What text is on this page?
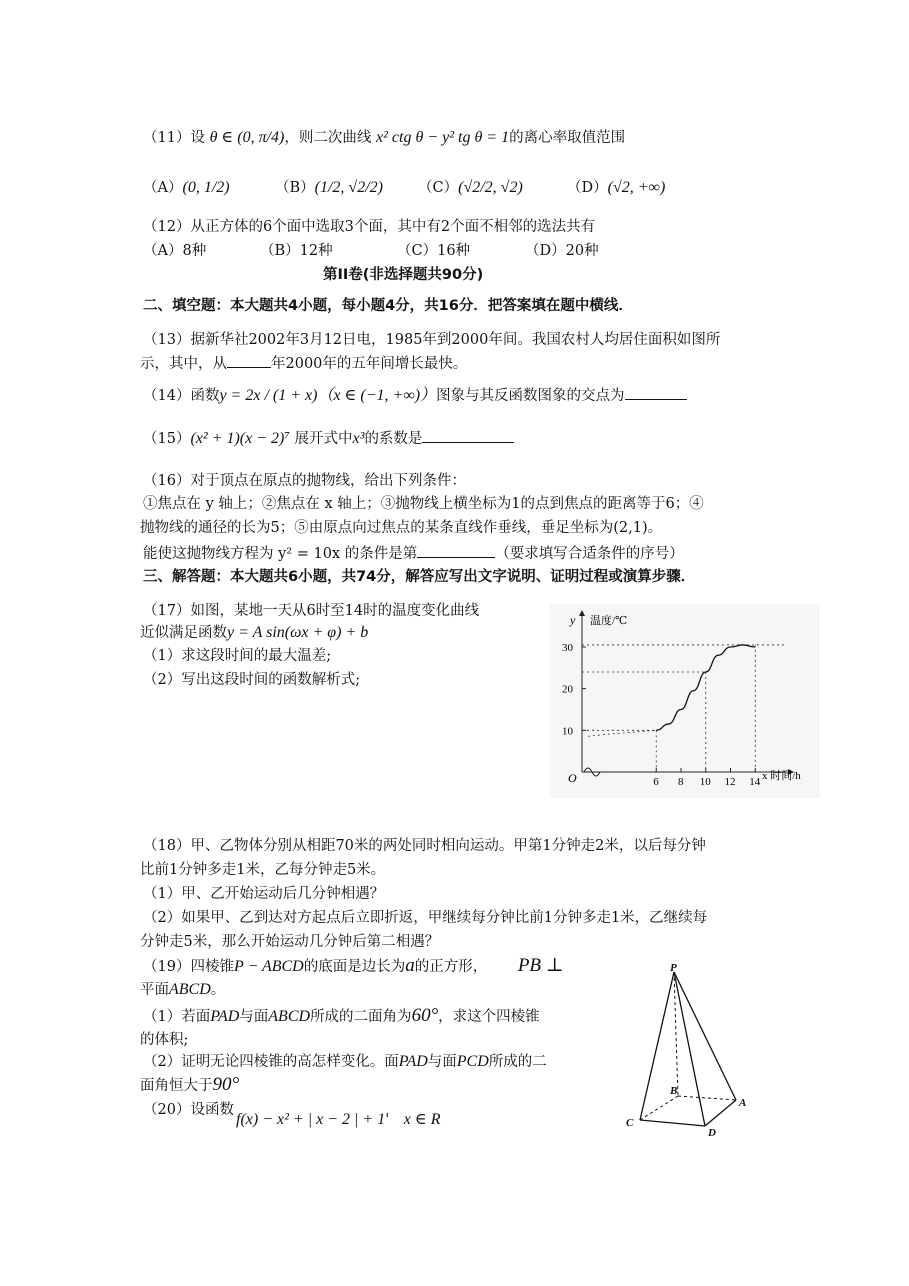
（11）设 θ ∈ (0, π/4)，则二次曲线 x² ctg θ − y² tg θ = 1的离心率取值范围
（A）(0, 1/2)	（B）(1/2, √2/2) （C）(√2/2, √2)	（D）(√2, +∞)
（12）从正方体的6个面中选取3个面，其中有2个面不相邻的选法共有
（A）8种	（B）12种	（C）16种	（D）20种
第II卷(非选择题共90分)
二、填空题：本大题共4小题，每小题4分，共16分．把答案填在题中横线．
（13）据新华社2002年3月12日电，1985年到2000年间。我国农村人均居住面积如图所
示，其中，从	年2000年的五年间增长最快。
（14）函数y = 2x / (1 + x)（x ∈ (−1, +∞)）图象与其反函数图象的交点为
（15）(x² + 1)(x − 2)⁷ 展开式中x³的系数是
（16）对于顶点在原点的抛物线，给出下列条件：
①焦点在 y 轴上；②焦点在 x 轴上；③抛物线上横坐标为1的点到焦点的距离等于6；④
抛物线的通径的长为5；⑤由原点向过焦点的某条直线作垂线，垂足坐标为(2,1)。
能使这抛物线方程为 y² = 10x 的条件是第	（要求填写合适条件的序号）
三、解答题：本大题共6小题，共74分，解答应写出文字说明、证明过程或演算步骤．
（17）如图，某地一天从6时至14时的温度变化曲线
近似满足函数y = A sin(ωx + φ) + b
（1）求这段时间的最大温差;
（2）写出这段时间的函数解析式;
10
20
30
6 8 10 12 14
温度/℃
y
x 时间/h
O
（18）甲、乙物体分别从相距70米的两处同时相向运动。甲第1分钟走2米，以后每分钟
比前1分钟多走1米，乙每分钟走5米。
（1）甲、乙开始运动后几分钟相遇？
（2）如果甲、乙到达对方起点后立即折返，甲继续每分钟比前1分钟多走1米，乙继续每
分钟走5米，那么开始运动几分钟后第二相遇？
（19）四棱锥P − ABCD的底面是边长为a的正方形， PB ⊥
平面ABCD。
（1）若面PAD与面ABCD所成的二面角为60°，求这个四棱锥
的体积;
（2）证明无论四棱锥的高怎样变化。面PAD与面PCD所成的二
面角恒大于90°
P
B
A
C
D
（20）设函数
f(x) − x² + | x − 2 | + 1' x ∈ R
